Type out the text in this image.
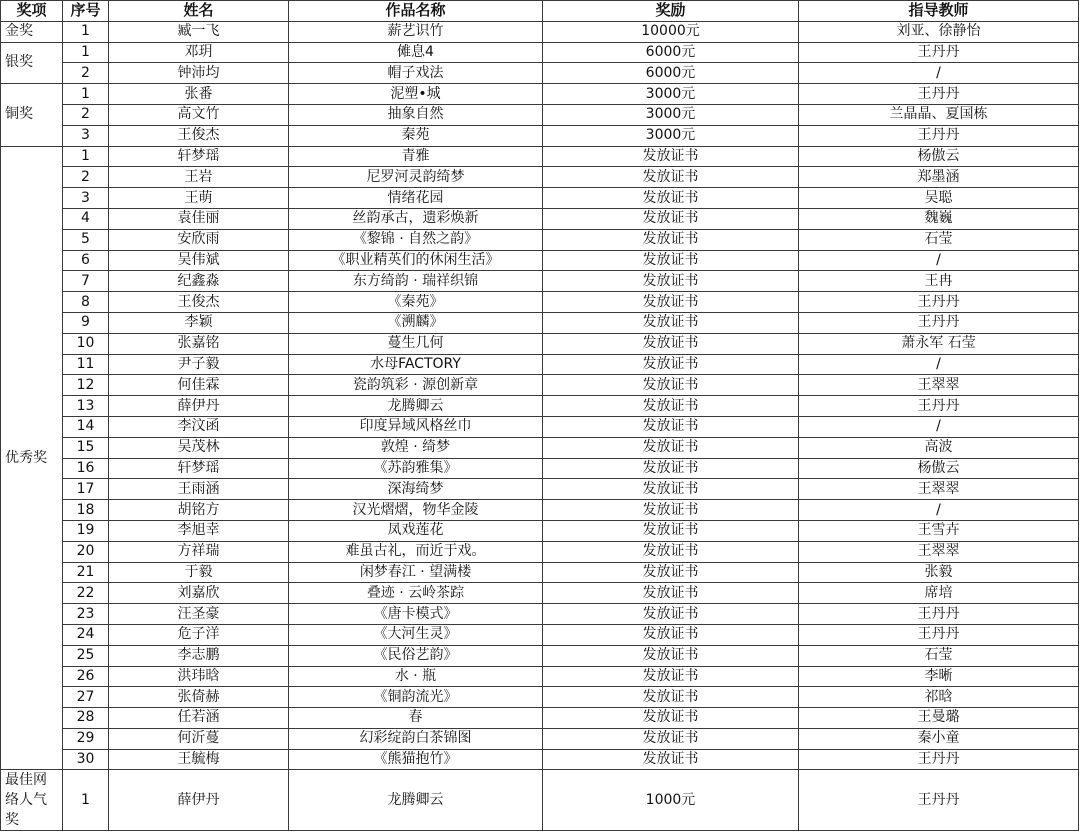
奖项	序号	姓名	作品名称	奖励	指导教师
金奖	1	臧一飞	薪艺识竹	10000元	刘亚、徐静怡
银奖	1	邓玥	傩息4	6000元	王丹丹
	2	钟沛均	帽子戏法	6000元	/
铜奖	1	张番	泥塑•城	3000元	王丹丹
	2	高文竹	抽象自然	3000元	兰晶晶、夏国栋
	3	王俊杰	秦苑	3000元	王丹丹
优秀奖	1	轩梦瑶	青雅	发放证书	杨傲云
	2	王岩	尼罗河灵韵绮梦	发放证书	郑墨涵
	3	王萌	情绪花园	发放证书	吴聪
	4	袁佳丽	丝韵承古，遗彩焕新	发放证书	魏巍
	5	安欣雨	《黎锦 · 自然之韵》	发放证书	石莹
	6	吴伟斌	《职业精英们的休闲生活》	发放证书	/
	7	纪鑫淼	东方绮韵 · 瑞祥织锦	发放证书	王冉
	8	王俊杰	《秦苑》	发放证书	王丹丹
	9	李颖	《溯麟》	发放证书	王丹丹
	10	张嘉铭	蔓生几何	发放证书	萧永军 石莹
	11	尹子毅	水母FACTORY	发放证书	/
	12	何佳霖	瓷韵筑彩 · 源创新章	发放证书	王翠翠
	13	薛伊丹	龙腾卿云	发放证书	王丹丹
	14	李汶函	印度异域风格丝巾	发放证书	/
	15	吴茂林	敦煌 · 绮梦	发放证书	高波
	16	轩梦瑶	《苏韵雅集》	发放证书	杨傲云
	17	王雨涵	深海绮梦	发放证书	王翠翠
	18	胡铭方	汉光熠熠，物华金陵	发放证书	/
	19	李旭幸	凤戏莲花	发放证书	王雪卉
	20	方祥瑞	难虽古礼，而近于戏。	发放证书	王翠翠
	21	于毅	闲梦春江 · 望满楼	发放证书	张毅
	22	刘嘉欣	叠迹 · 云岭茶踪	发放证书	席培
	23	汪圣豪	《唐卡模式》	发放证书	王丹丹
	24	危子洋	《大河生灵》	发放证书	王丹丹
	25	李志鹏	《民俗艺韵》	发放证书	石莹
	26	洪玮晗	水 · 瓶	发放证书	李晰
	27	张倚赫	《铜韵流光》	发放证书	祁晗
	28	任若涵	春	发放证书	王曼璐
	29	何沂蔓	幻彩绽韵白茶锦图	发放证书	秦小童
	30	王毓梅	《熊猫抱竹》	发放证书	王丹丹
最佳网络人气奖	1	薛伊丹	龙腾卿云	1000元	王丹丹
